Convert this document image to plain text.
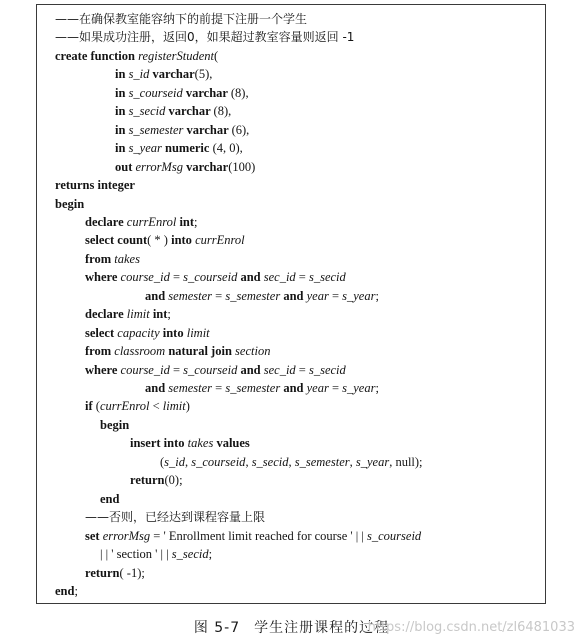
——在确保教室能容纳下的前提下注册一个学生
——如果成功注册，返回0，如果超过教室容量则返回 -1
create function registerStudent(
in s_id varchar(5),
in s_courseid varchar (8),
in s_secid varchar (8),
in s_semester varchar (6),
in s_year numeric (4, 0),
out errorMsg varchar(100)
returns integer
begin
declare currEnrol int;
select count( * ) into currEnrol
from takes
where course_id = s_courseid and sec_id = s_secid
and semester = s_semester and year = s_year;
declare limit int;
select capacity into limit
from classroom natural join section
where course_id = s_courseid and sec_id = s_secid
and semester = s_semester and year = s_year;
if (currEnrol < limit)
begin
insert into takes values
(s_id, s_courseid, s_secid, s_semester, s_year, null);
return(0);
end
——否则，已经达到课程容量上限
set errorMsg = ' Enrollment limit reached for course ' | | s_courseid
| | ' section ' | | s_secid;
return( -1);
end;
图 5-7 学生注册课程的过程
https://blog.csdn.net/zl6481033
